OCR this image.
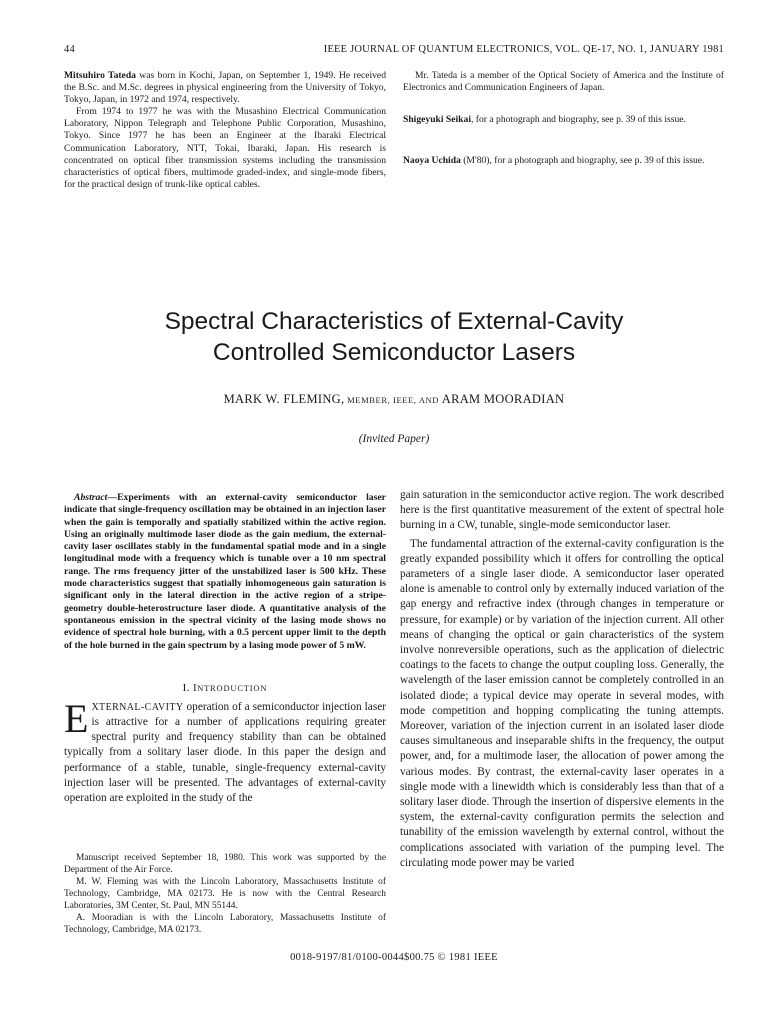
44	IEEE JOURNAL OF QUANTUM ELECTRONICS, VOL. QE-17, NO. 1, JANUARY 1981

Mitsuhiro Tateda was born in Kochi, Japan, on September 1, 1949. He received the B.Sc. and M.Sc. degrees in physical engineering from the University of Tokyo, Tokyo, Japan, in 1972 and 1974, respectively.

From 1974 to 1977 he was with the Musashino Electrical Communication Laboratory, Nippon Telegraph and Telephone Public Corporation, Musashino, Tokyo. Since 1977 he has been an Engineer at the Ibaraki Electrical Communication Laboratory, NTT, Tokai, Ibaraki, Japan. His research is concentrated on optical fiber transmission systems including the transmission characteristics of optical fibers, multimode graded-index, and single-mode fibers, for the practical design of trunk-like optical cables.

Mr. Tateda is a member of the Optical Society of America and the Institute of Electronics and Communication Engineers of Japan.

Shigeyuki Seikai, for a photograph and biography, see p. 39 of this issue.

Naoya Uchida (M'80), for a photograph and biography, see p. 39 of this issue.

Spectral Characteristics of External-Cavity
Controlled Semiconductor Lasers
MARK W. FLEMING, MEMBER, IEEE, AND ARAM MOORADIAN
(Invited Paper)

Abstract—Experiments with an external-cavity semiconductor laser indicate that single-frequency oscillation may be obtained in an injection laser when the gain is temporally and spatially stabilized within the active region. Using an originally multimode laser diode as the gain medium, the external-cavity laser oscillates stably in the fundamental spatial mode and in a single longitudinal mode with a frequency which is tunable over a 10 nm spectral range. The rms frequency jitter of the unstabilized laser is 500 kHz. These mode characteristics suggest that spatially inhomogeneous gain saturation is significant only in the lateral direction in the active region of a stripe-geometry double-heterostructure laser diode. A quantitative analysis of the spontaneous emission in the spectral vicinity of the lasing mode shows no evidence of spectral hole burning, with a 0.5 percent upper limit to the depth of the hole burned in the gain spectrum by a lasing mode power of 5 mW.

I. INTRODUCTION

EXTERNAL-CAVITY operation of a semiconductor injection laser is attractive for a number of applications requiring greater spectral purity and frequency stability than can be obtained typically from a solitary laser diode. In this paper the design and performance of a stable, tunable, single-frequency external-cavity injection laser will be presented. The advantages of external-cavity operation are exploited in the study of the

Manuscript received September 18, 1980. This work was supported by the Department of the Air Force.

M. W. Fleming was with the Lincoln Laboratory, Massachusetts Institute of Technology, Cambridge, MA 02173. He is now with the Central Research Laboratories, 3M Center, St. Paul, MN 55144.

A. Mooradian is with the Lincoln Laboratory, Massachusetts Institute of Technology, Cambridge, MA 02173.

gain saturation in the semiconductor active region. The work described here is the first quantitative measurement of the extent of spectral hole burning in a CW, tunable, single-mode semiconductor laser.

The fundamental attraction of the external-cavity configuration is the greatly expanded possibility which it offers for controlling the optical parameters of a single laser diode. A semiconductor laser operated alone is amenable to control only by externally induced variation of the gap energy and refractive index (through changes in temperature or pressure, for example) or by variation of the injection current. All other means of changing the optical or gain characteristics of the system involve nonreversible operations, such as the application of dielectric coatings to the facets to change the output coupling loss. Generally, the wavelength of the laser emission cannot be completely controlled in an isolated diode; a typical device may operate in several modes, with mode competition and hopping complicating the tuning attempts. Moreover, variation of the injection current in an isolated laser diode causes simultaneous and inseparable shifts in the frequency, the output power, and, for a multimode laser, the allocation of power among the various modes. By contrast, the external-cavity laser operates in a single mode with a linewidth which is considerably less than that of a solitary laser diode. Through the insertion of dispersive elements in the system, the external-cavity configuration permits the selection and tunability of the emission wavelength by external control, without the complications associated with variation of the pumping level. The circulating mode power may be varied

0018-9197/81/0100-0044$00.75 © 1981 IEEE
